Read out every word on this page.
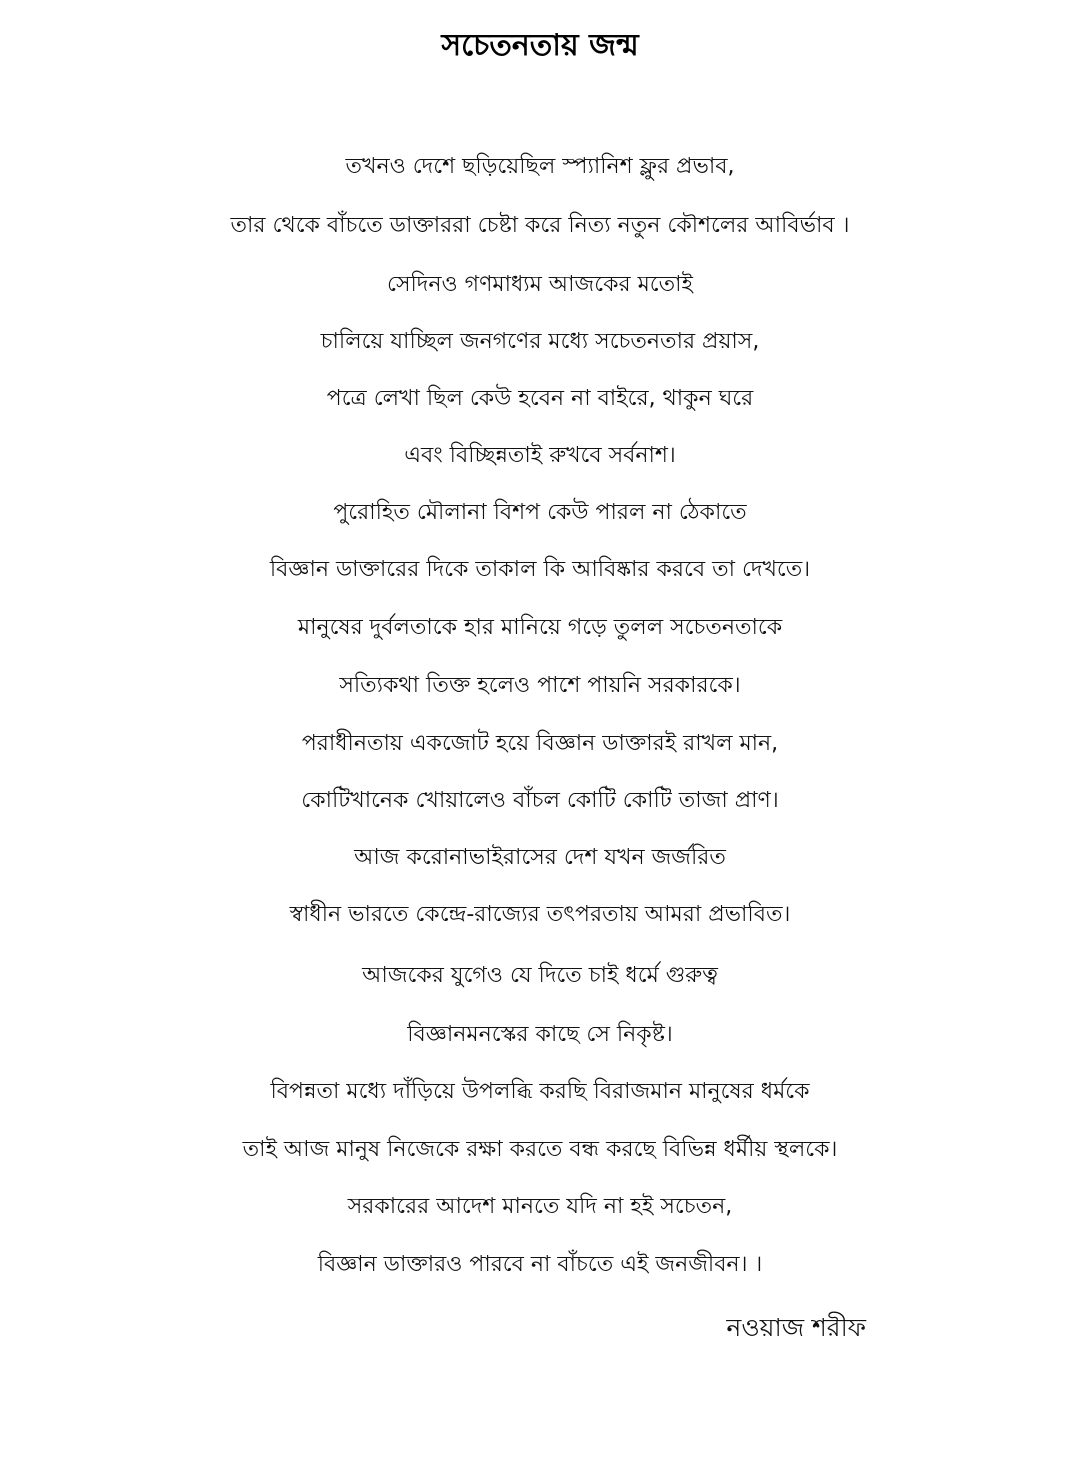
সচেতনতায় জন্ম
তখনও দেশে ছড়িয়েছিল স্প্যানিশ ফ্লুর প্রভাব,
তার থেকে বাঁচতে ডাক্তাররা চেষ্টা করে নিত্য নতুন কৌশলের আবির্ভাব ।
সেদিনও গণমাধ্যম আজকের মতোই
চালিয়ে যাচ্ছিল জনগণের মধ্যে সচেতনতার প্রয়াস,
পত্রে লেখা ছিল কেউ হবেন না বাইরে, থাকুন ঘরে
এবং বিচ্ছিন্নতাই রুখবে সর্বনাশ।
পুরোহিত মৌলানা বিশপ কেউ পারল না ঠেকাতে
বিজ্ঞান ডাক্তারের দিকে তাকাল কি আবিষ্কার করবে তা দেখতে।
মানুষের দুর্বলতাকে হার মানিয়ে গড়ে তুলল সচেতনতাকে
সত্যিকথা তিক্ত হলেও পাশে পায়নি সরকারকে।
পরাধীনতায় একজোট হয়ে বিজ্ঞান ডাক্তারই রাখল মান,
কোটিখানেক খোয়ালেও বাঁচল কোটি কোটি তাজা প্রাণ।
আজ করোনাভাইরাসের দেশ যখন জর্জরিত
স্বাধীন ভারতে কেন্দ্রে-রাজ্যের তৎপরতায় আমরা প্রভাবিত।
আজকের যুগেও যে দিতে চাই ধর্মে গুরুত্ব
বিজ্ঞানমনস্কের কাছে সে নিকৃষ্ট।
বিপন্নতা মধ্যে দাঁড়িয়ে উপলব্ধি করছি বিরাজমান মানুষের ধর্মকে
তাই আজ মানুষ নিজেকে রক্ষা করতে বন্ধ করছে বিভিন্ন ধর্মীয় স্থলকে।
সরকারের আদেশ মানতে যদি না হই সচেতন,
বিজ্ঞান ডাক্তারও পারবে না বাঁচতে এই জনজীবন। ।
নওয়াজ শরীফ
